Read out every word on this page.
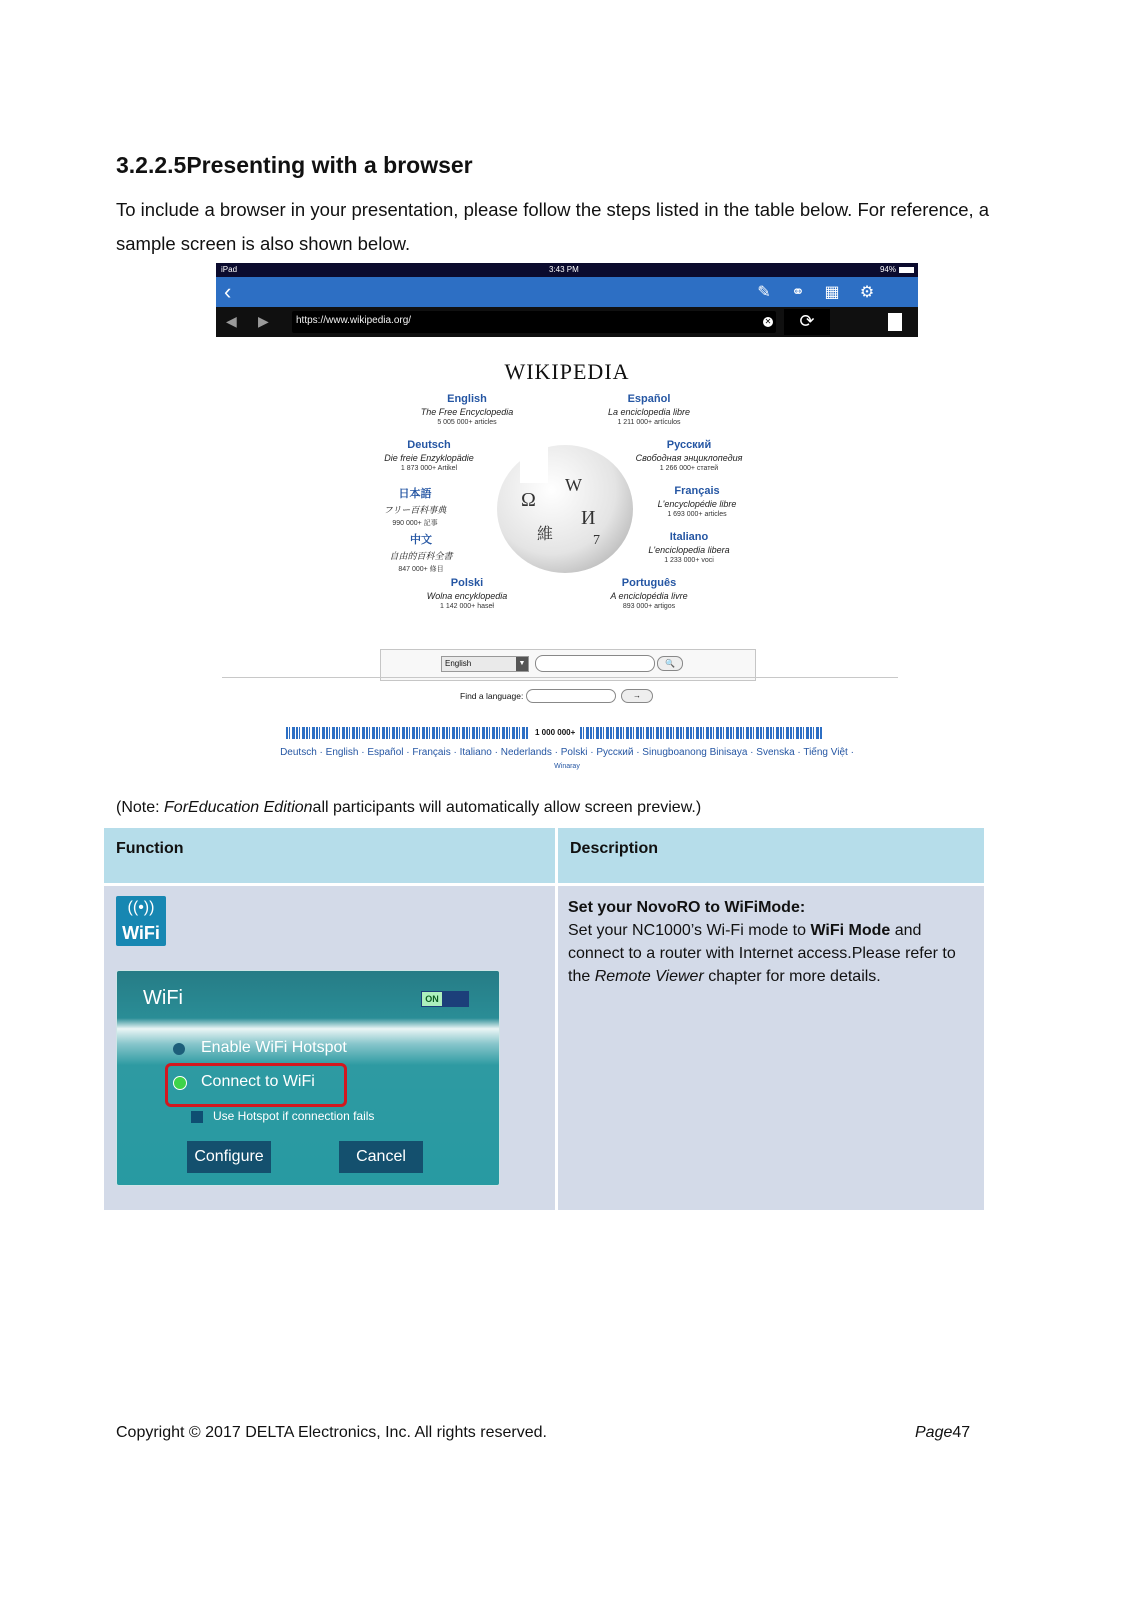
3.2.2.5Presenting with a browser
To include a browser in your presentation, please follow the steps listed in the table below. For reference, a sample screen is also shown below.
iPad	3:43 PM	94%
‹	✎ ⚭ ▦ ⚙
◀ ▶	https://www.wikipedia.org/	✕	⟳
WIKIPEDIA
English
The Free Encyclopedia
5 005 000+ articles
Español
La enciclopedia libre
1 211 000+ artículos
Deutsch
Die freie Enzyklopädie
1 873 000+ Artikel
Русский
Свободная энциклопедия
1 266 000+ статей
日本語
フリー百科事典
990 000+ 記事
Français
L'encyclopédie libre
1 693 000+ articles
中文
自由的百科全書
847 000+ 條目
Italiano
L'enciclopedia libera
1 233 000+ voci
Polski
Wolna encyklopedia
1 142 000+ haseł
Português
A enciclopédia livre
893 000+ artigos
Ω
W
И
維	7
English	▼	🔍
Find a language:	→
1 000 000+
Deutsch · English · Español · Français · Italiano · Nederlands · Polski · Русский · Sinugboanong Binisaya · Svenska · Tiếng Việt ·
Winaray
(Note: ForEducation Editionall participants will automatically allow screen preview.)
Function	Description
((•))
WiFi
WiFi	ON
Enable WiFi Hotspot
Connect to WiFi
Use Hotspot if connection fails
Configure	Cancel
Set your NovoRO to WiFiMode:
Set your NC1000’s Wi-Fi mode to WiFi Mode and connect to a router with Internet access.Please refer to the Remote Viewer chapter for more details.
Copyright © 2017 DELTA Electronics, Inc. All rights reserved.	Page47
